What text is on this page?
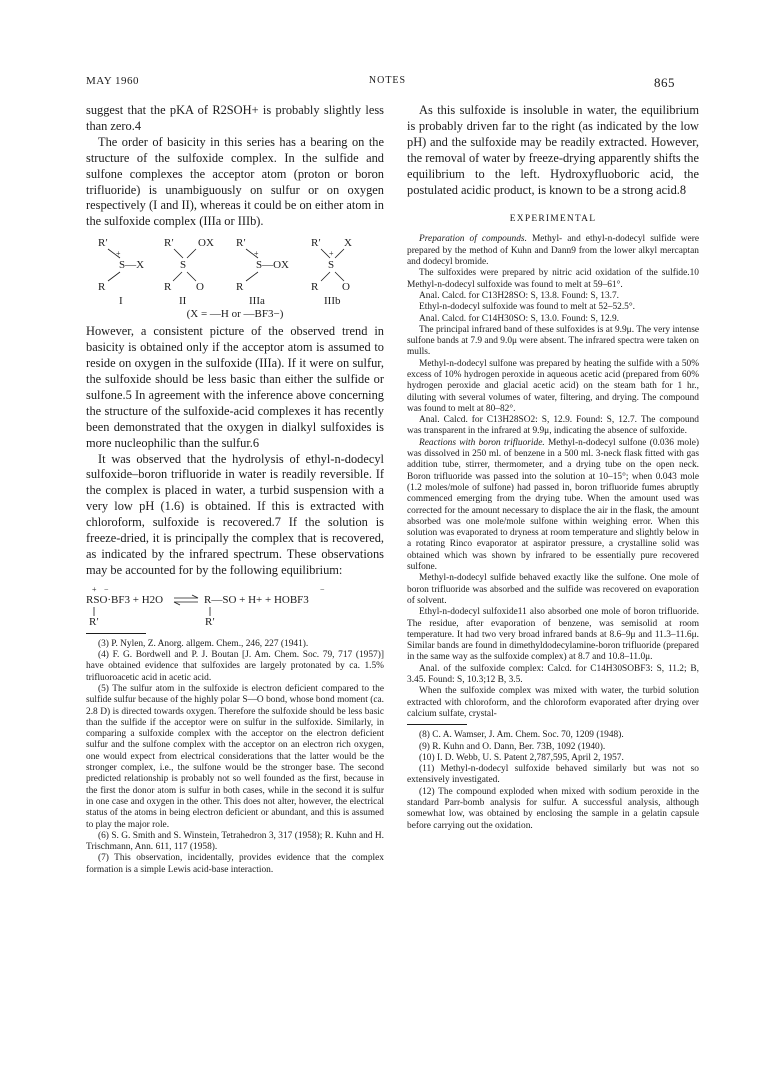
MAY 1960	NOTES	865

suggest that the pKA of R2SOH+ is probably slightly less than zero.4

The order of basicity in this series has a bearing on the structure of the sulfoxide complex. In the sulfide and sulfone complexes the acceptor atom (proton or boron trifluoride) is unambiguously on sulfur or on oxygen respectively (I and II), whereas it could be on either atom in the sulfoxide complex (IIIa or IIIb).

R′
+
S—X
R
I
R′ OX
S
R O
II
R′
+
S—OX
R
IIIa
R′ X
+
S
R O
IIIb
(X = —H or —BF3−)

However, a consistent picture of the observed trend in basicity is obtained only if the acceptor atom is assumed to reside on oxygen in the sulfoxide (IIIa). If it were on sulfur, the sulfoxide should be less basic than either the sulfide or sulfone.5 In agreement with the inference above concerning the structure of the sulfoxide-acid complexes it has recently been demonstrated that the oxygen in dialkyl sulfoxides is more nucleophilic than the sulfur.6

It was observed that the hydrolysis of ethyl-n-dodecyl sulfoxide–boron trifluoride in water is readily reversible. If the complex is placed in water, a turbid suspension with a very low pH (1.6) is obtained. If this is extracted with chloroform, sulfoxide is recovered.7 If the solution is freeze-dried, it is principally the complex that is recovered, as indicated by the infrared spectrum. These observations may be accounted for by the following equilibrium:

+ −
RSO·BF3 + H2O	R—SO + H+ + HOBF3
−
R′	R′

(3) P. Nylen, Z. Anorg. allgem. Chem., 246, 227 (1941).

(4) F. G. Bordwell and P. J. Boutan [J. Am. Chem. Soc. 79, 717 (1957)] have obtained evidence that sulfoxides are largely protonated by ca. 1.5% trifluoroacetic acid in acetic acid.

(5) The sulfur atom in the sulfoxide is electron deficient compared to the sulfide sulfur because of the highly polar S—O bond, whose bond moment (ca. 2.8 D) is directed towards oxygen. Therefore the sulfoxide should be less basic than the sulfide if the acceptor were on sulfur in the sulfoxide. Similarly, in comparing a sulfoxide complex with the acceptor on the electron deficient sulfur and the sulfone complex with the acceptor on an electron rich oxygen, one would expect from electrical considerations that the latter would be the stronger complex, i.e., the sulfone would be the stronger base. The second predicted relationship is probably not so well founded as the first, because in the first the donor atom is sulfur in both cases, while in the second it is sulfur in one case and oxygen in the other. This does not alter, however, the electrical status of the atoms in being electron deficient or abundant, and this is assumed to play the major role.

(6) S. G. Smith and S. Winstein, Tetrahedron 3, 317 (1958); R. Kuhn and H. Trischmann, Ann. 611, 117 (1958).

(7) This observation, incidentally, provides evidence that the complex formation is a simple Lewis acid-base interaction.

As this sulfoxide is insoluble in water, the equilibrium is probably driven far to the right (as indicated by the low pH) and the sulfoxide may be readily extracted. However, the removal of water by freeze-drying apparently shifts the equilibrium to the left. Hydroxyfluoboric acid, the postulated acidic product, is known to be a strong acid.8

EXPERIMENTAL

Preparation of compounds. Methyl- and ethyl-n-dodecyl sulfide were prepared by the method of Kuhn and Dann9 from the lower alkyl mercaptan and dodecyl bromide.

The sulfoxides were prepared by nitric acid oxidation of the sulfide.10 Methyl-n-dodecyl sulfoxide was found to melt at 59–61°.

Anal. Calcd. for C13H28SO: S, 13.8. Found: S, 13.7.

Ethyl-n-dodecyl sulfoxide was found to melt at 52–52.5°.

Anal. Calcd. for C14H30SO: S, 13.0. Found: S, 12.9.

The principal infrared band of these sulfoxides is at 9.9μ. The very intense sulfone bands at 7.9 and 9.0μ were absent. The infrared spectra were taken on mulls.

Methyl-n-dodecyl sulfone was prepared by heating the sulfide with a 50% excess of 10% hydrogen peroxide in aqueous acetic acid (prepared from 60% hydrogen peroxide and glacial acetic acid) on the steam bath for 1 hr., diluting with several volumes of water, filtering, and drying. The compound was found to melt at 80–82°.

Anal. Calcd. for C13H28SO2: S, 12.9. Found: S, 12.7. The compound was transparent in the infrared at 9.9μ, indicating the absence of sulfoxide.

Reactions with boron trifluoride. Methyl-n-dodecyl sulfone (0.036 mole) was dissolved in 250 ml. of benzene in a 500 ml. 3-neck flask fitted with gas addition tube, stirrer, thermometer, and a drying tube on the open neck. Boron trifluoride was passed into the solution at 10–15°; when 0.043 mole (1.2 moles/mole of sulfone) had passed in, boron trifluoride fumes abruptly commenced emerging from the drying tube. When the amount used was corrected for the amount necessary to displace the air in the flask, the amount absorbed was one mole/mole sulfone within weighing error. When this solution was evaporated to dryness at room temperature and slightly below in a rotating Rinco evaporator at aspirator pressure, a crystalline solid was obtained which was shown by infrared to be essentially pure recovered sulfone.

Methyl-n-dodecyl sulfide behaved exactly like the sulfone. One mole of boron trifluoride was absorbed and the sulfide was recovered on evaporation of solvent.

Ethyl-n-dodecyl sulfoxide11 also absorbed one mole of boron trifluoride. The residue, after evaporation of benzene, was semisolid at room temperature. It had two very broad infrared bands at 8.6–9μ and 11.3–11.6μ. Similar bands are found in dimethyldodecylamine-boron trifluoride (prepared in the same way as the sulfoxide complex) at 8.7 and 10.8–11.0μ.

Anal. of the sulfoxide complex: Calcd. for C14H30SOBF3: S, 11.2; B, 3.45. Found: S, 10.3;12 B, 3.5.

When the sulfoxide complex was mixed with water, the turbid solution extracted with chloroform, and the chloroform evaporated after drying over calcium sulfate, crystal-

(8) C. A. Wamser, J. Am. Chem. Soc. 70, 1209 (1948).

(9) R. Kuhn and O. Dann, Ber. 73B, 1092 (1940).

(10) I. D. Webb, U. S. Patent 2,787,595, April 2, 1957.

(11) Methyl-n-dodecyl sulfoxide behaved similarly but was not so extensively investigated.

(12) The compound exploded when mixed with sodium peroxide in the standard Parr-bomb analysis for sulfur. A successful analysis, although somewhat low, was obtained by enclosing the sample in a gelatin capsule before carrying out the oxidation.
